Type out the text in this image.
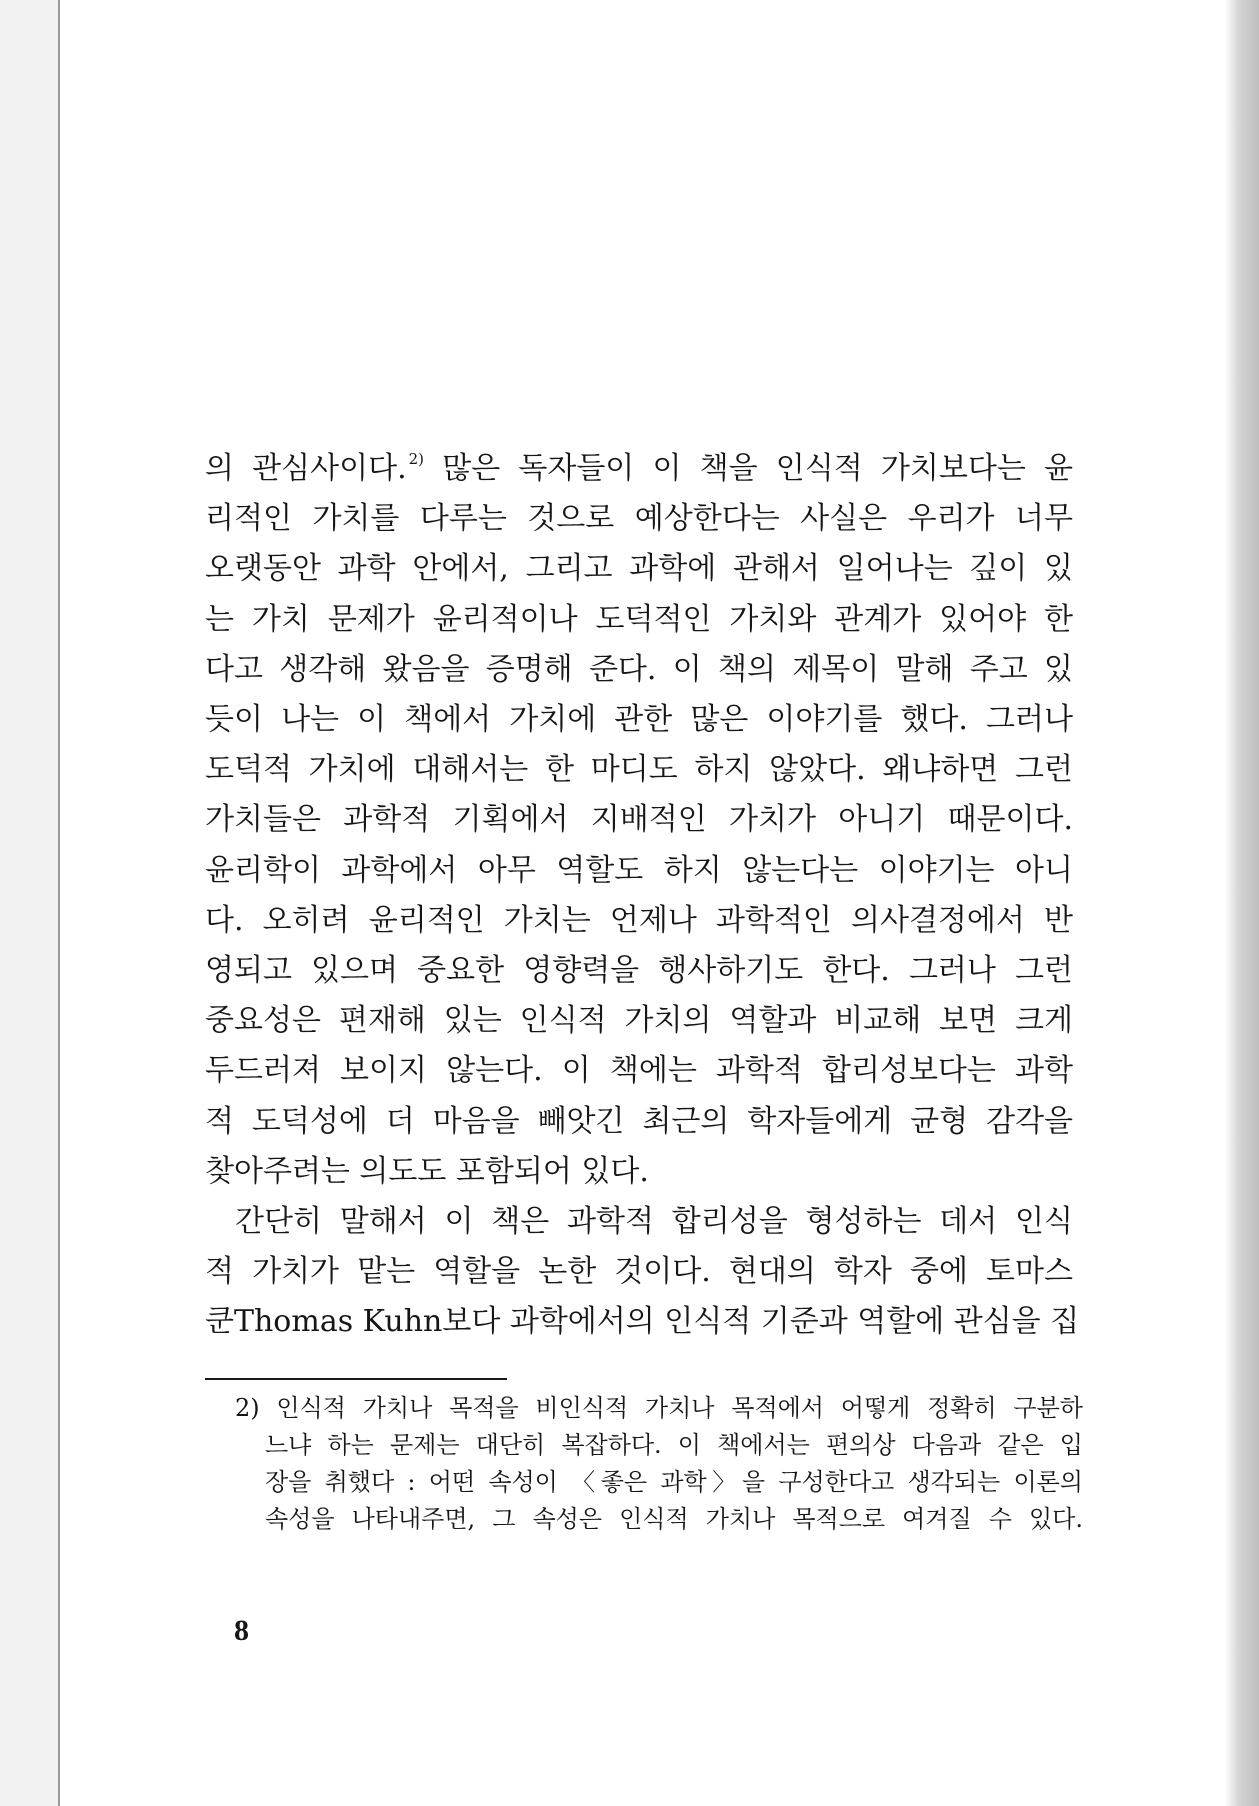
의 관심사이다. $^{2)}$ 많은 독자들이 이 책을 인식적 가치보다는 윤
리적인 가치를 다루는 것으로 예상한다는 사실은 우리가 너무
오랫동안 과학 안에서, 그리고 과학에 관해서 일어나는 깊이 있
는 가치 문제가 윤리적이나 도덕적인 가치와 관계가 있어야 한
다고 생각해 왔음을 증명해 준다. 이 책의 제목이 말해 주고 있
듯이 나는 이 책에서 가치에 관한 많은 이야기를 했다. 그러나
도덕적 가치에 대해서는 한 마디도 하지 않았다. 왜냐하면 그런
가치들은 과학적 기획에서 지배적인 가치가 아니기 때문이다.
윤리학이 과학에서 아무 역할도 하지 않는다는 이야기는 아니
다. 오히려 윤리적인 가치는 언제나 과학적인 의사결정에서 반
영되고 있으며 중요한 영향력을 행사하기도 한다. 그러나 그런
중요성은 편재해 있는 인식적 가치의 역할과 비교해 보면 크게
두드러져 보이지 않는다. 이 책에는 과학적 합리성보다는 과학
적 도덕성에 더 마음을 빼앗긴 최근의 학자들에게 균형 감각을
찾아주려는 의도도 포함되어 있다.
간단히 말해서 이 책은 과학적 합리성을 형성하는 데서 인식
적 가치가 맡는 역할을 논한 것이다. 현대의 학자 중에 토마스
쿤Thomas Kuhn보다 과학에서의 인식적 기준과 역할에 관심을 집
2) 인식적 가치나 목적을 비인식적 가치나 목적에서 어떻게 정확히 구분하
느냐 하는 문제는 대단히 복잡하다. 이 책에서는 편의상 다음과 같은 입
장을 취했다 : 어떤 속성이 〈좋은 과학〉을 구성한다고 생각되는 이론의
속성을 나타내주면, 그 속성은 인식적 가치나 목적으로 여겨질 수 있다.
8
